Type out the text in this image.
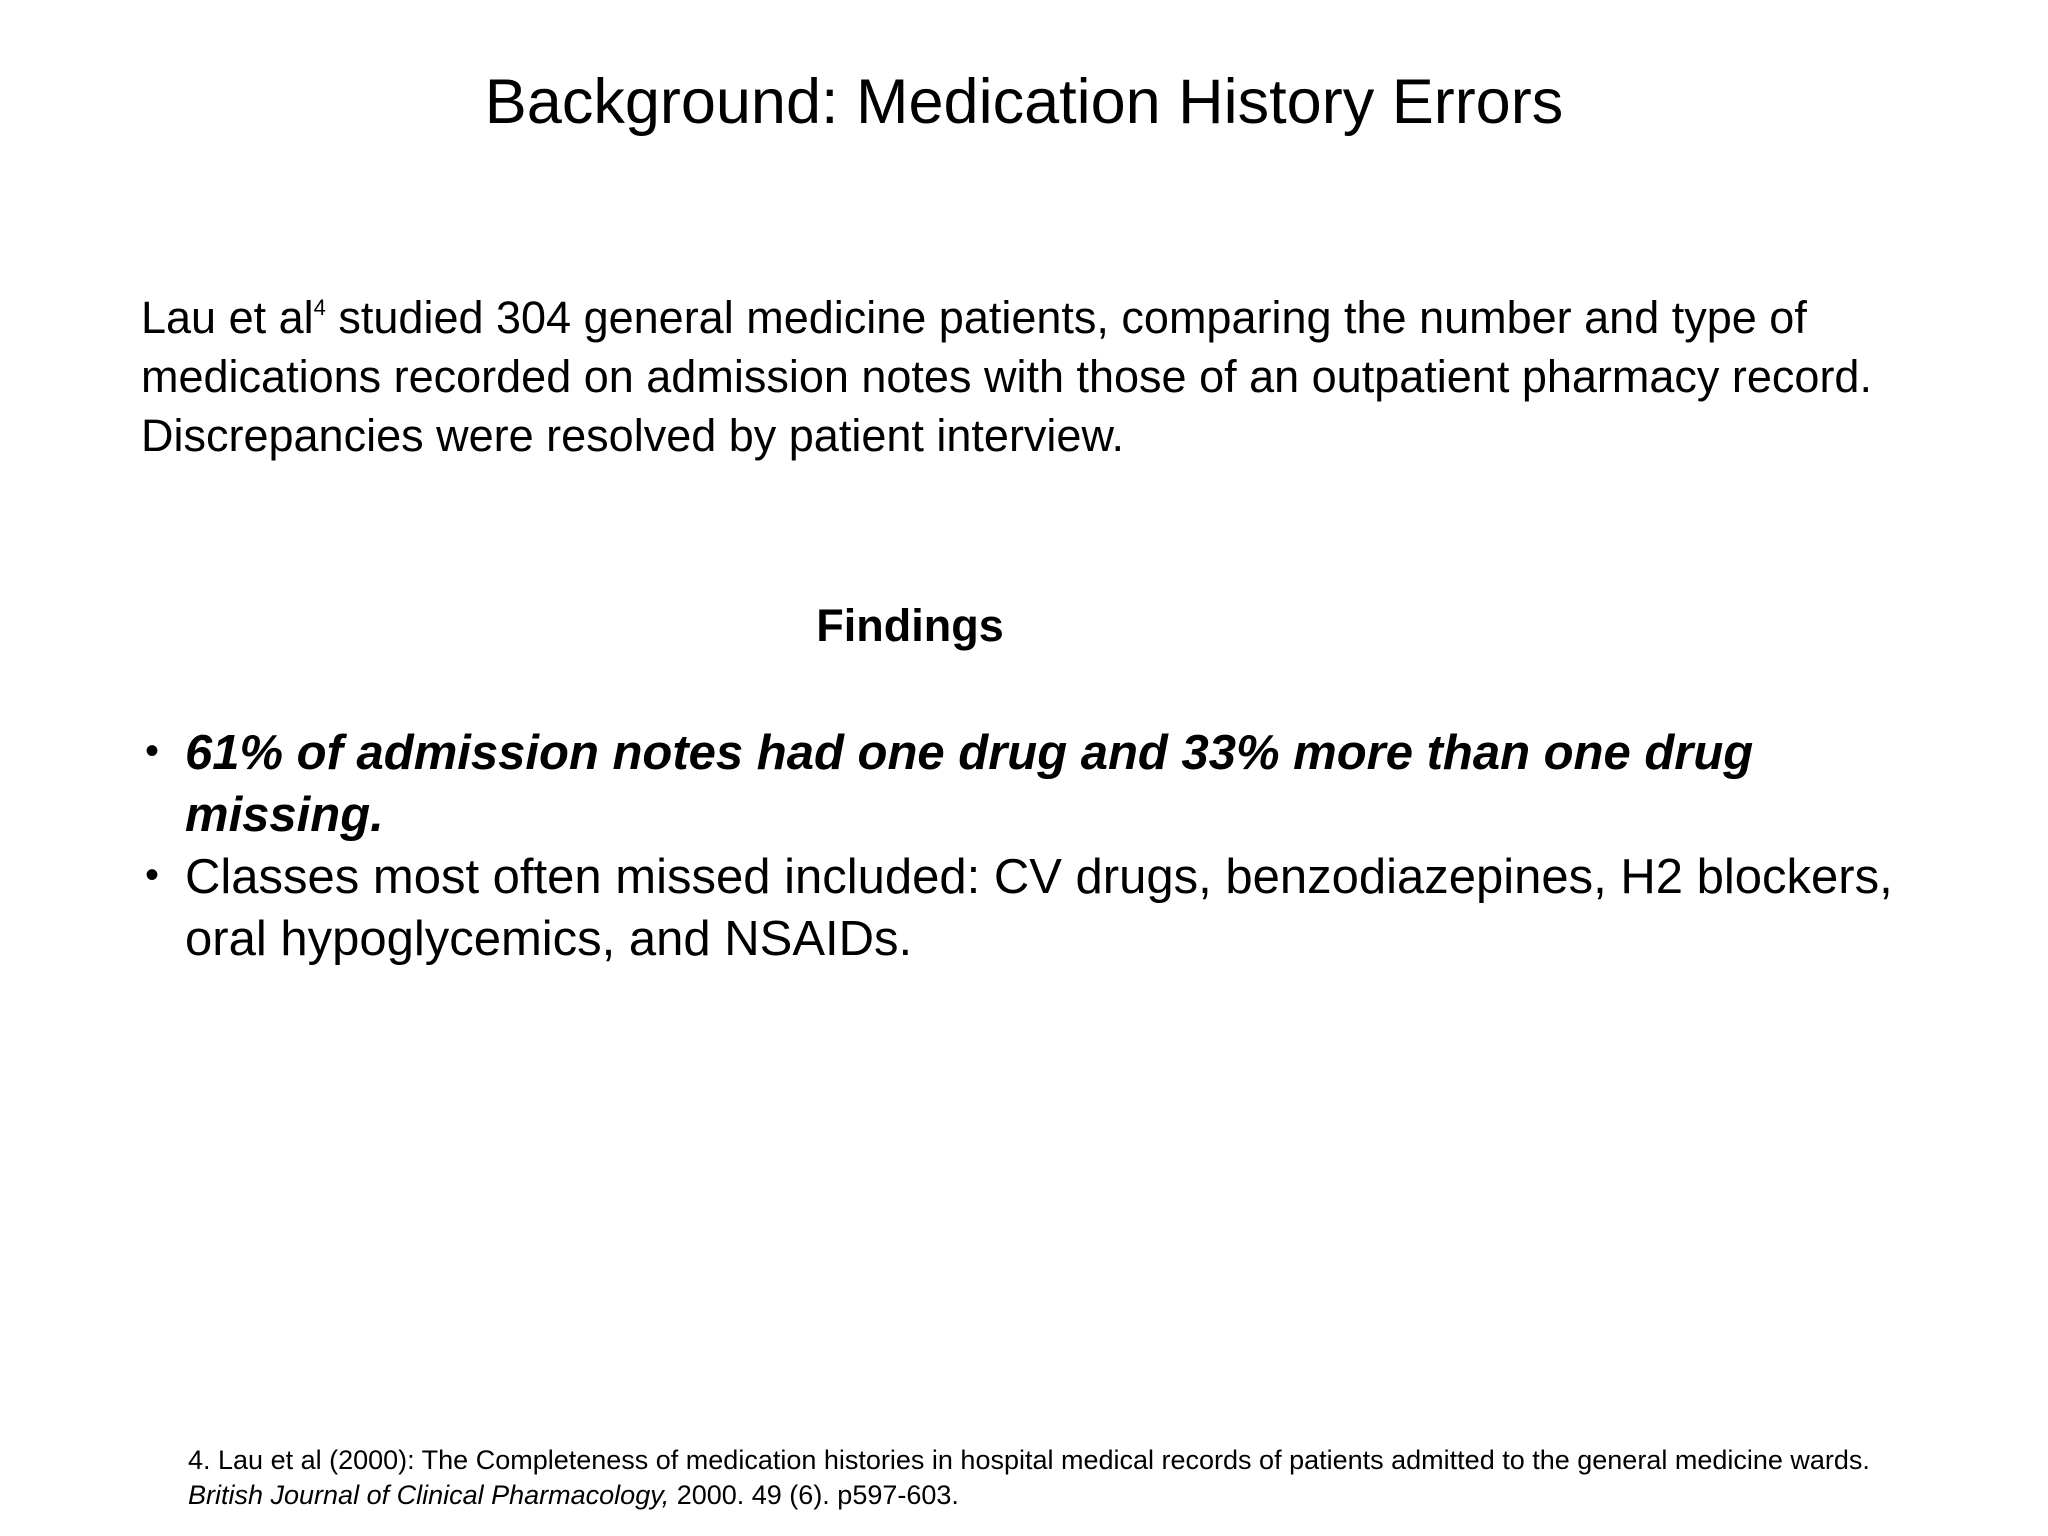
Background: Medication History Errors

Lau et $al^4$ studied 304 general medicine patients, comparing the number and type of medications recorded on admission notes with those of an outpatient pharmacy record. Discrepancies were resolved by patient interview.

Findings
• 61% of admission notes had one drug and 33% more than one drug missing.
• Classes most often missed included: CV drugs, benzodiazepines, H2 blockers, oral hypoglycemics, and NSAIDs.

4. Lau et al (2000): The Completeness of medication histories in hospital medical records of patients admitted to the general medicine wards.
British Journal of Clinical Pharmacology, 2000. 49 (6). p597-603.
